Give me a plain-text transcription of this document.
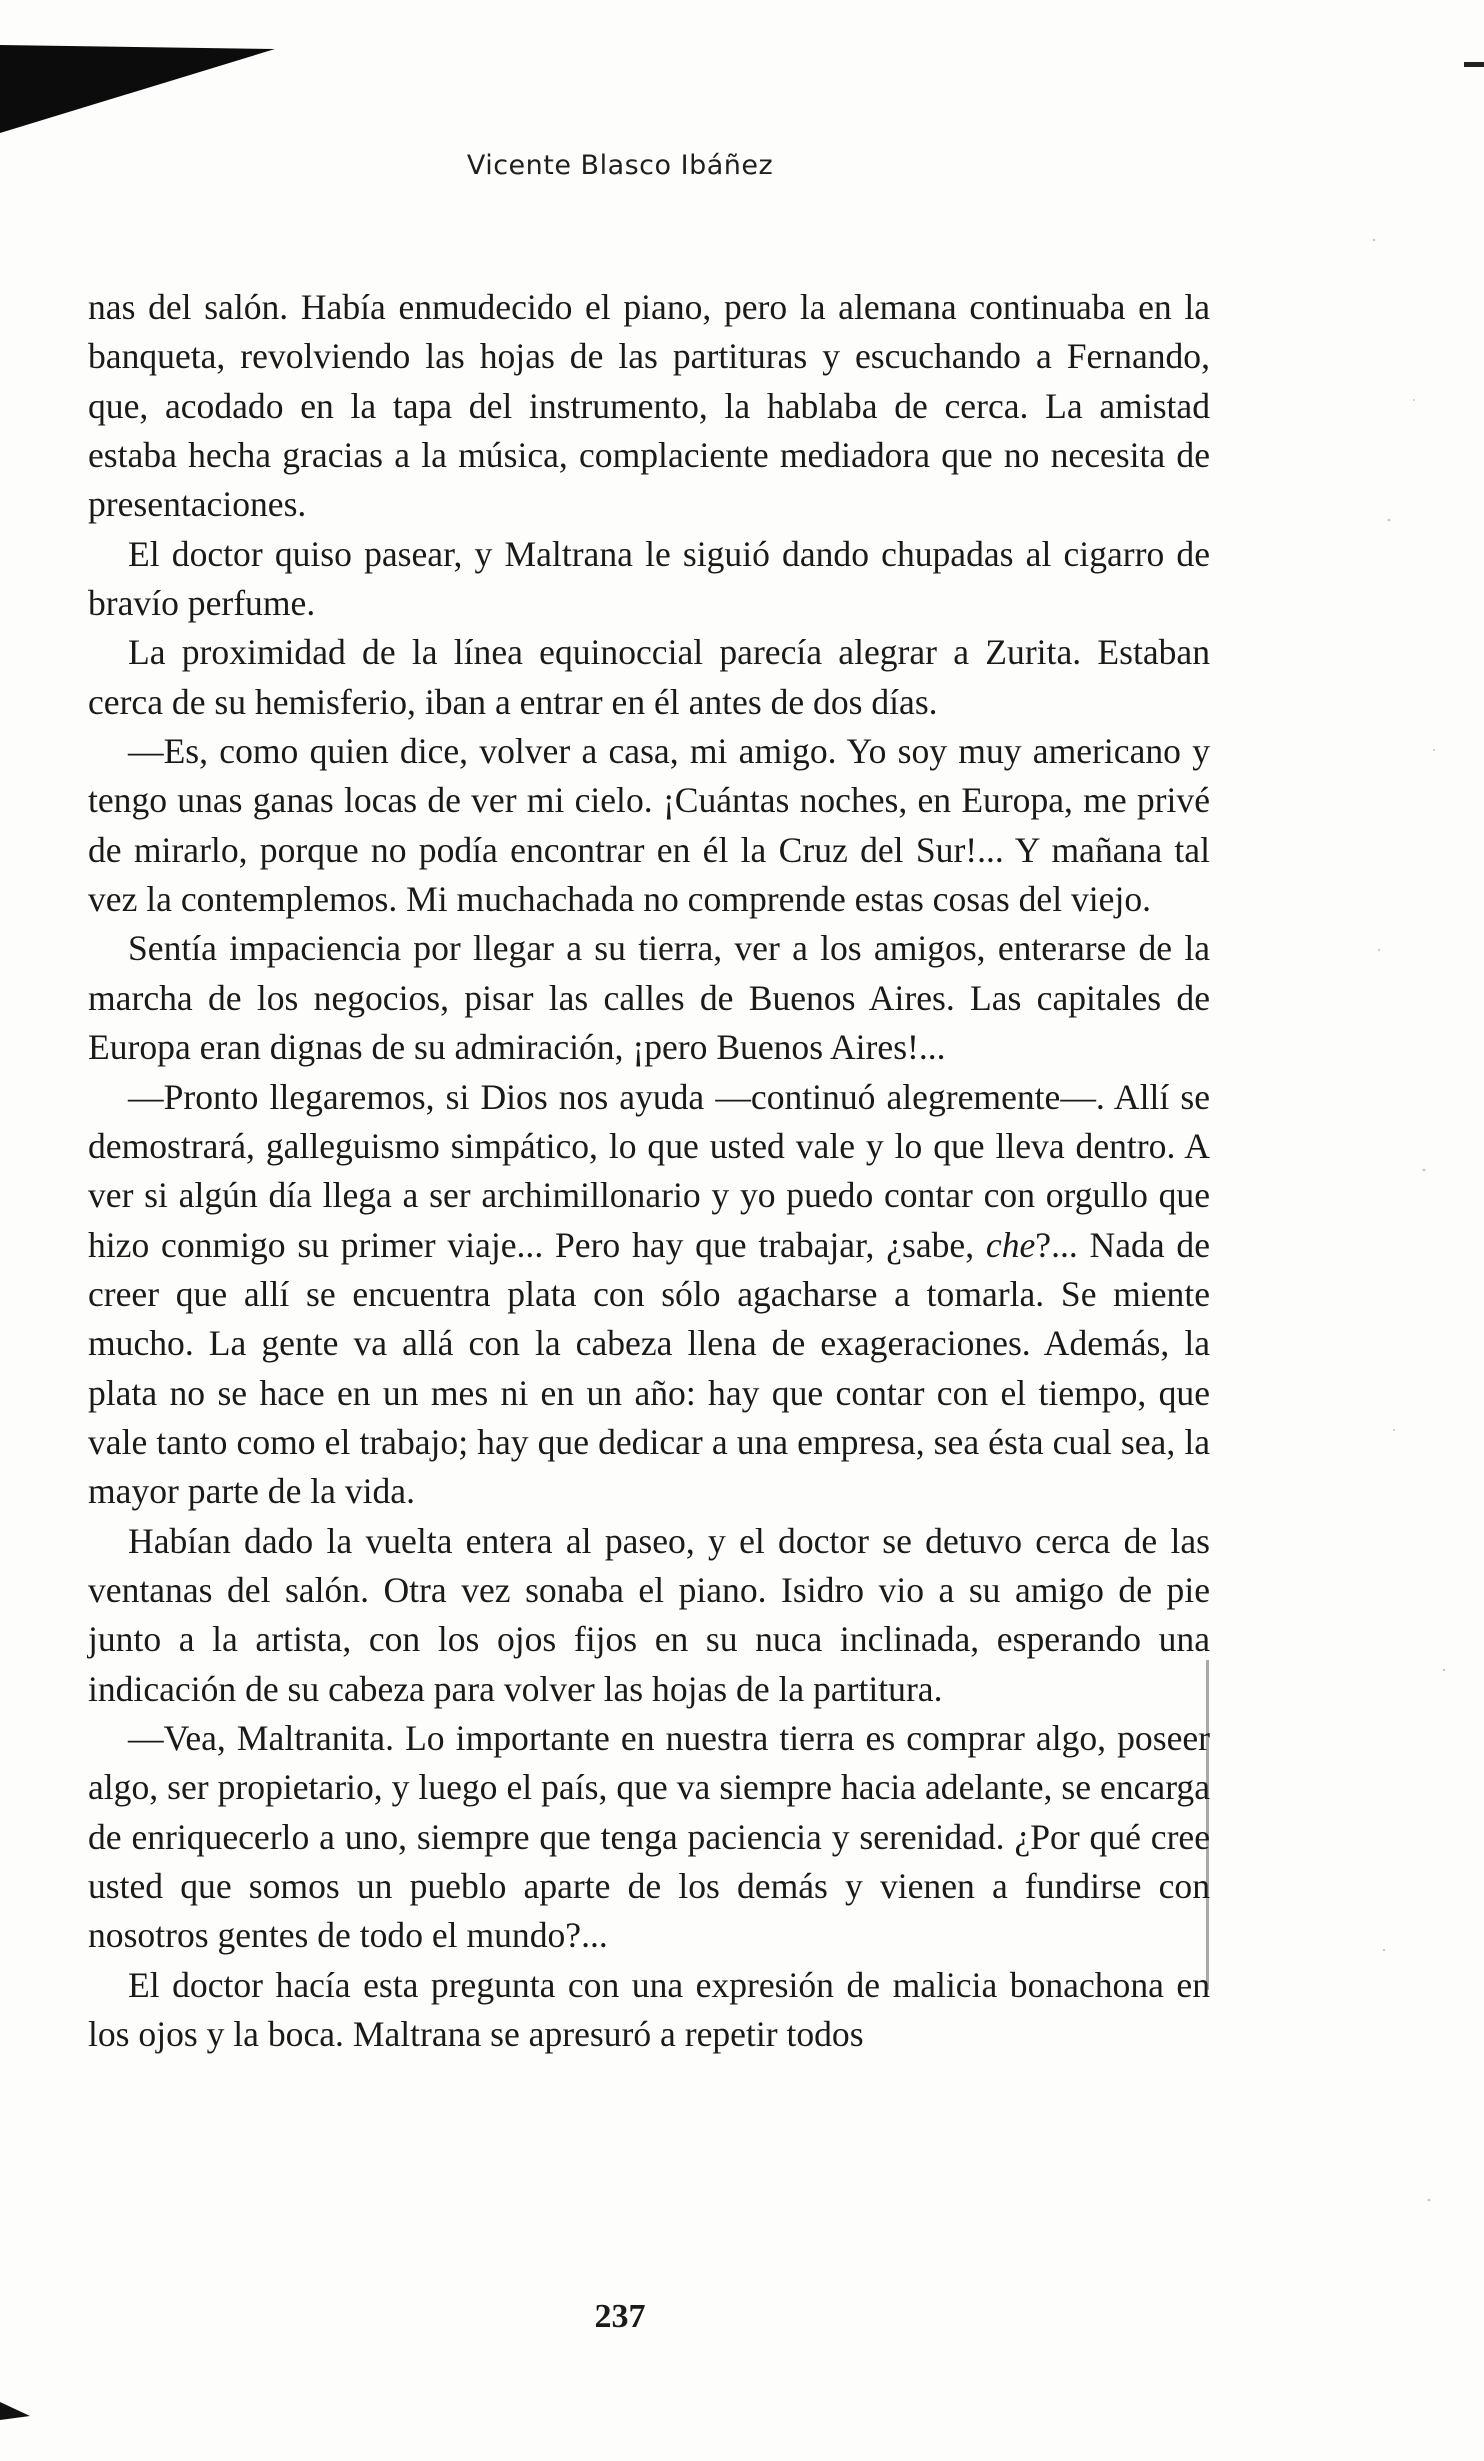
Vicente Blasco Ibáñez

nas del salón. Había enmudecido el piano, pero la alemana continuaba en la banqueta, revolviendo las hojas de las partituras y escuchando a Fernando, que, acodado en la tapa del instrumento, la hablaba de cerca. La amistad estaba hecha gracias a la música, complaciente mediadora que no necesita de presentaciones.

El doctor quiso pasear, y Maltrana le siguió dando chupadas al cigarro de bravío perfume.

La proximidad de la línea equinoccial parecía alegrar a Zurita. Estaban cerca de su hemisferio, iban a entrar en él antes de dos días.

—Es, como quien dice, volver a casa, mi amigo. Yo soy muy americano y tengo unas ganas locas de ver mi cielo. ¡Cuántas noches, en Europa, me privé de mirarlo, porque no podía encontrar en él la Cruz del Sur!... Y mañana tal vez la contemplemos. Mi muchachada no comprende estas cosas del viejo.

Sentía impaciencia por llegar a su tierra, ver a los amigos, enterarse de la marcha de los negocios, pisar las calles de Buenos Aires. Las capitales de Europa eran dignas de su admiración, ¡pero Buenos Aires!...

—Pronto llegaremos, si Dios nos ayuda —continuó alegremente—. Allí se demostrará, galleguismo simpático, lo que usted vale y lo que lleva dentro. A ver si algún día llega a ser archimillonario y yo puedo contar con orgullo que hizo conmigo su primer viaje... Pero hay que trabajar, ¿sabe, che?... Nada de creer que allí se encuentra plata con sólo agacharse a tomarla. Se miente mucho. La gente va allá con la cabeza llena de exageraciones. Además, la plata no se hace en un mes ni en un año: hay que contar con el tiempo, que vale tanto como el trabajo; hay que dedicar a una empresa, sea ésta cual sea, la mayor parte de la vida.

Habían dado la vuelta entera al paseo, y el doctor se detuvo cerca de las ventanas del salón. Otra vez sonaba el piano. Isidro vio a su amigo de pie junto a la artista, con los ojos fijos en su nuca inclinada, esperando una indicación de su cabeza para volver las hojas de la partitura.

—Vea, Maltranita. Lo importante en nuestra tierra es comprar algo, poseer algo, ser propietario, y luego el país, que va siempre hacia adelante, se encarga de enriquecerlo a uno, siempre que tenga paciencia y serenidad. ¿Por qué cree usted que somos un pueblo aparte de los demás y vienen a fundirse con nosotros gentes de todo el mundo?...

El doctor hacía esta pregunta con una expresión de malicia bonachona en los ojos y la boca. Maltrana se apresuró a repetir todos

237
